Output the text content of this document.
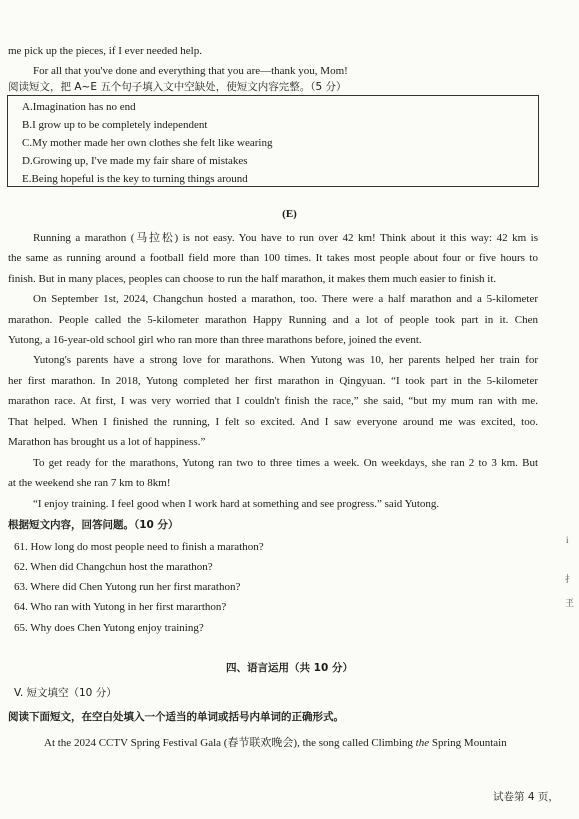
me pick up the pieces, if I ever needed help.
For all that you've done and everything that you are—thank you, Mom!
阅读短文，把 A~E 五个句子填入文中空缺处，使短文内容完整。（5 分）
A.Imagination has no end
B.I grow up to be completely independent
C.My mother made her own clothes she felt like wearing
D.Growing up, I've made my fair share of mistakes
E.Being hopeful is the key to turning things around
(E)
Running a marathon (马拉松) is not easy. You have to run over 42 km! Think about it this way: 42 km is
the same as running around a football field more than 100 times. It takes most people about four or five hours to
finish. But in many places, peoples can choose to run the half marathon, it makes them much easier to finish it.
On September 1st, 2024, Changchun hosted a marathon, too. There were a half marathon and a 5-kilometer
marathon. People called the 5-kilometer marathon Happy Running and a lot of people took part in it. Chen
Yutong, a 16-year-old school girl who ran more than three marathons before, joined the event.
Yutong's parents have a strong love for marathons. When Yutong was 10, her parents helped her train for
her first marathon. In 2018, Yutong completed her first marathon in Qingyuan. “I took part in the 5-kilometer
marathon race. At first, I was very worried that I couldn't finish the race,” she said, “but my mum ran with me.
That helped. When I finished the running, I felt so excited. And I saw everyone around me was excited, too.
Marathon has brought us a lot of happiness.”
To get ready for the marathons, Yutong ran two to three times a week. On weekdays, she ran 2 to 3 km. But
at the weekend she ran 7 km to 8km!
“I enjoy training. I feel good when I work hard at something and see progress.” said Yutong.
根据短文内容，回答问题。（10 分）
61. How long do most people need to finish a marathon?
62. When did Changchun host the marathon?
63. Where did Chen Yutong run her first marathon?
64. Who ran with Yutong in her first mararthon?
65. Why does Chen Yutong enjoy training?
四、语言运用（共 10 分）
V. 短文填空（10 分）
阅读下面短文，在空白处填入一个适当的单词或括号内单词的正确形式。
At the 2024 CCTV Spring Festival Gala (春节联欢晚会), the song called Climbing the Spring Mountain
试卷第 4 页，
i
扌
玊
